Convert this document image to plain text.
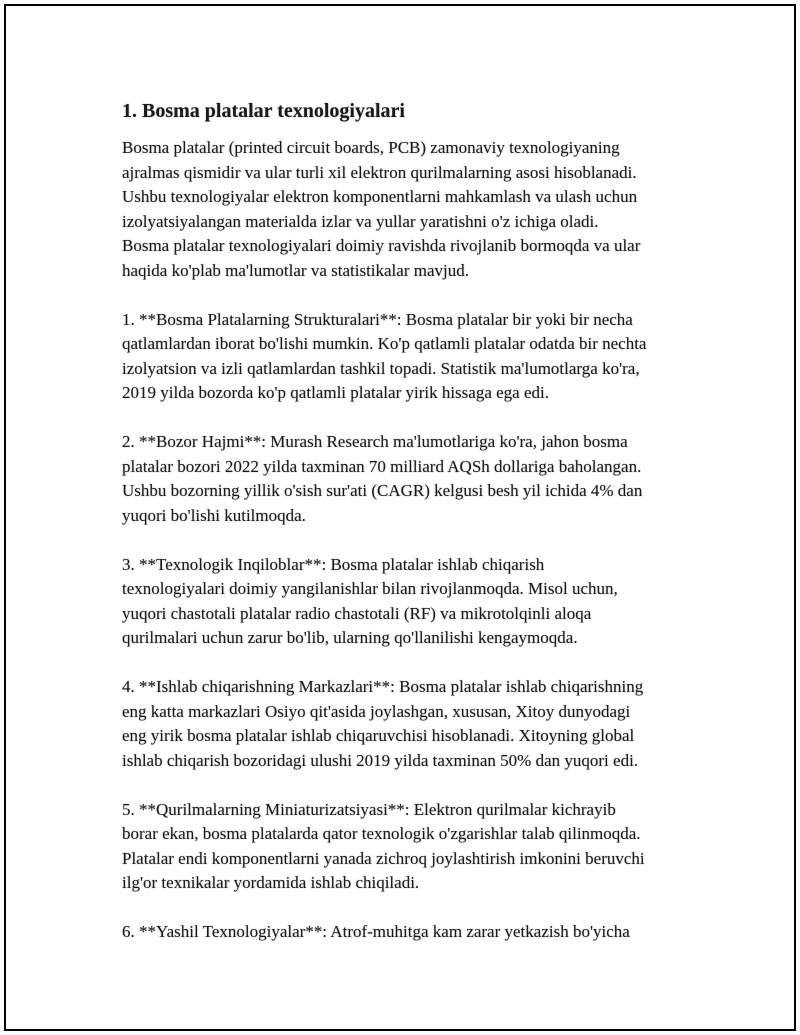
1. Bosma platalar texnologiyalari

Bosma platalar (printed circuit boards, PCB) zamonaviy texnologiyaning
ajralmas qismidir va ular turli xil elektron qurilmalarning asosi hisoblanadi.
Ushbu texnologiyalar elektron komponentlarni mahkamlash va ulash uchun
izolyatsiyalangan materialda izlar va yullar yaratishni o'z ichiga oladi.
Bosma platalar texnologiyalari doimiy ravishda rivojlanib bormoqda va ular
haqida ko'plab ma'lumotlar va statistikalar mavjud.

1. **Bosma Platalarning Strukturalari**: Bosma platalar bir yoki bir necha
qatlamlardan iborat bo'lishi mumkin. Ko'p qatlamli platalar odatda bir nechta
izolyatsion va izli qatlamlardan tashkil topadi. Statistik ma'lumotlarga ko'ra,
2019 yilda bozorda ko'p qatlamli platalar yirik hissaga ega edi.

2. **Bozor Hajmi**: Murash Research ma'lumotlariga ko'ra, jahon bosma
platalar bozori 2022 yilda taxminan 70 milliard AQSh dollariga baholangan.
Ushbu bozorning yillik o'sish sur'ati (CAGR) kelgusi besh yil ichida 4% dan
yuqori bo'lishi kutilmoqda.

3. **Texnologik Inqiloblar**: Bosma platalar ishlab chiqarish
texnologiyalari doimiy yangilanishlar bilan rivojlanmoqda. Misol uchun,
yuqori chastotali platalar radio chastotali (RF) va mikrotolqinli aloqa
qurilmalari uchun zarur bo'lib, ularning qo'llanilishi kengaymoqda.

4. **Ishlab chiqarishning Markazlari**: Bosma platalar ishlab chiqarishning
eng katta markazlari Osiyo qit'asida joylashgan, xususan, Xitoy dunyodagi
eng yirik bosma platalar ishlab chiqaruvchisi hisoblanadi. Xitoyning global
ishlab chiqarish bozoridagi ulushi 2019 yilda taxminan 50% dan yuqori edi.

5. **Qurilmalarning Miniaturizatsiyasi**: Elektron qurilmalar kichrayib
borar ekan, bosma platalarda qator texnologik o'zgarishlar talab qilinmoqda.
Platalar endi komponentlarni yanada zichroq joylashtirish imkonini beruvchi
ilg'or texnikalar yordamida ishlab chiqiladi.

6. **Yashil Texnologiyalar**: Atrof-muhitga kam zarar yetkazish bo'yicha
